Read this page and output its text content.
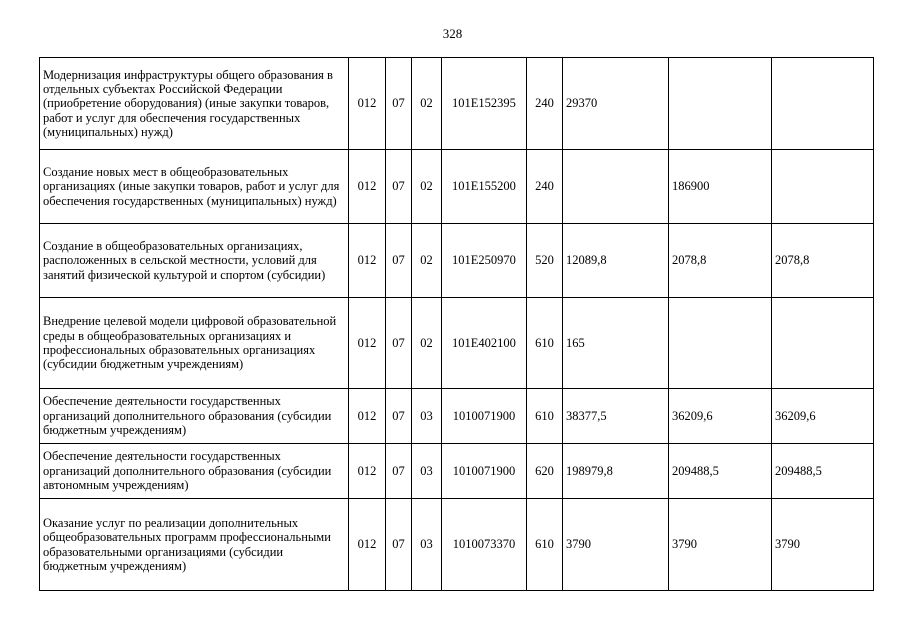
328
Модернизация инфраструктуры общего образования в отдельных субъектах Российской Федерации (приобретение оборудования) (иные закупки товаров, работ и услуг для обеспечения государственных (муниципальных) нужд)	012	07	02	101E152395	240	29370		
Создание новых мест в общеобразовательных организациях (иные закупки товаров, работ и услуг для обеспечения государственных (муниципальных) нужд)	012	07	02	101E155200	240		186900	
Создание в общеобразовательных организациях, расположенных в сельской местности, условий для занятий физической культурой и спортом (субсидии)	012	07	02	101E250970	520	12089,8	2078,8	2078,8
Внедрение целевой модели цифровой образовательной среды в общеобразовательных организациях и профессиональных образовательных организациях (субсидии бюджетным учреждениям)	012	07	02	101E402100	610	165		
Обеспечение деятельности государственных организаций дополнительного образования (субсидии бюджетным учреждениям)	012	07	03	1010071900	610	38377,5	36209,6	36209,6
Обеспечение деятельности государственных организаций дополнительного образования (субсидии автономным учреждениям)	012	07	03	1010071900	620	198979,8	209488,5	209488,5
Оказание услуг по реализации дополнительных общеобразовательных программ профессиональными образовательными организациями (субсидии бюджетным учреждениям)	012	07	03	1010073370	610	3790	3790	3790
